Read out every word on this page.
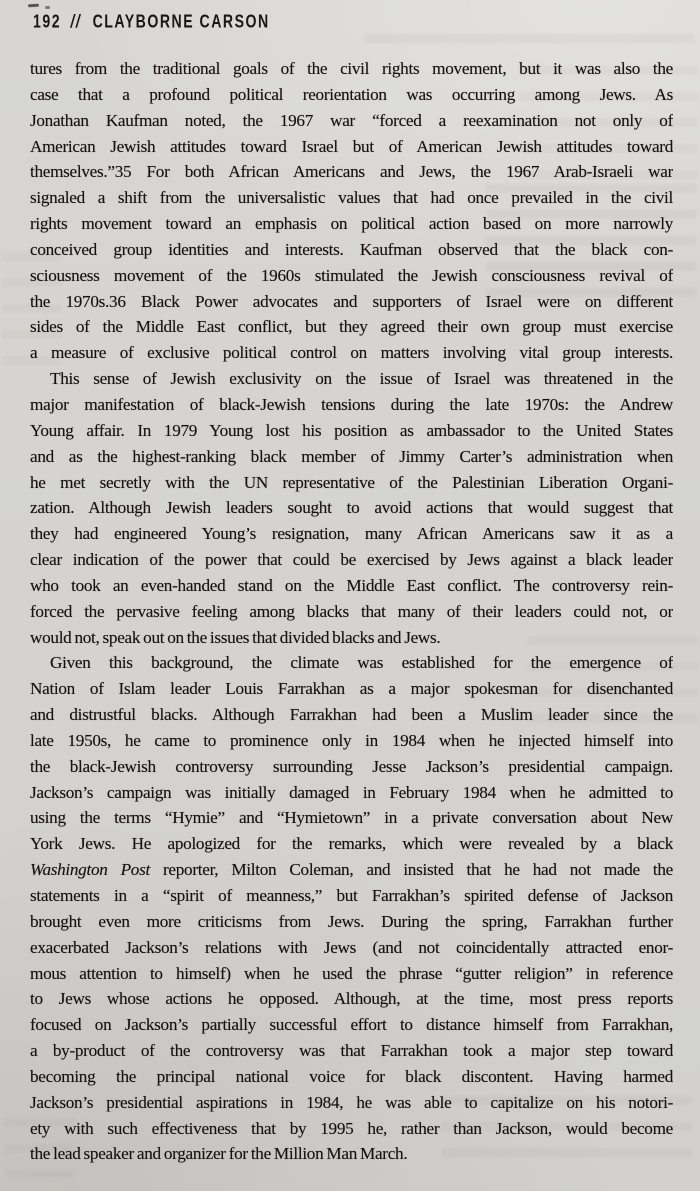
192 // CLAYBORNE CARSON
tures from the traditional goals of the civil rights movement, but it was also the
case that a profound political reorientation was occurring among Jews. As
Jonathan Kaufman noted, the 1967 war “forced a reexamination not only of
American Jewish attitudes toward Israel but of American Jewish attitudes toward
themselves.”35 For both African Americans and Jews, the 1967 Arab-Israeli war
signaled a shift from the universalistic values that had once prevailed in the civil
rights movement toward an emphasis on political action based on more narrowly
conceived group identities and interests. Kaufman observed that the black con-
sciousness movement of the 1960s stimulated the Jewish consciousness revival of
the 1970s.36 Black Power advocates and supporters of Israel were on different
sides of the Middle East conflict, but they agreed their own group must exercise
a measure of exclusive political control on matters involving vital group interests.
This sense of Jewish exclusivity on the issue of Israel was threatened in the
major manifestation of black-Jewish tensions during the late 1970s: the Andrew
Young affair. In 1979 Young lost his position as ambassador to the United States
and as the highest-ranking black member of Jimmy Carter’s administration when
he met secretly with the UN representative of the Palestinian Liberation Organi-
zation. Although Jewish leaders sought to avoid actions that would suggest that
they had engineered Young’s resignation, many African Americans saw it as a
clear indication of the power that could be exercised by Jews against a black leader
who took an even-handed stand on the Middle East conflict. The controversy rein-
forced the pervasive feeling among blacks that many of their leaders could not, or
would not, speak out on the issues that divided blacks and Jews.
Given this background, the climate was established for the emergence of
Nation of Islam leader Louis Farrakhan as a major spokesman for disenchanted
and distrustful blacks. Although Farrakhan had been a Muslim leader since the
late 1950s, he came to prominence only in 1984 when he injected himself into
the black-Jewish controversy surrounding Jesse Jackson’s presidential campaign.
Jackson’s campaign was initially damaged in February 1984 when he admitted to
using the terms “Hymie” and “Hymietown” in a private conversation about New
York Jews. He apologized for the remarks, which were revealed by a black
Washington Post reporter, Milton Coleman, and insisted that he had not made the
statements in a “spirit of meanness,” but Farrakhan’s spirited defense of Jackson
brought even more criticisms from Jews. During the spring, Farrakhan further
exacerbated Jackson’s relations with Jews (and not coincidentally attracted enor-
mous attention to himself) when he used the phrase “gutter religion” in reference
to Jews whose actions he opposed. Although, at the time, most press reports
focused on Jackson’s partially successful effort to distance himself from Farrakhan,
a by-product of the controversy was that Farrakhan took a major step toward
becoming the principal national voice for black discontent. Having harmed
Jackson’s presidential aspirations in 1984, he was able to capitalize on his notori-
ety with such effectiveness that by 1995 he, rather than Jackson, would become
the lead speaker and organizer for the Million Man March.
